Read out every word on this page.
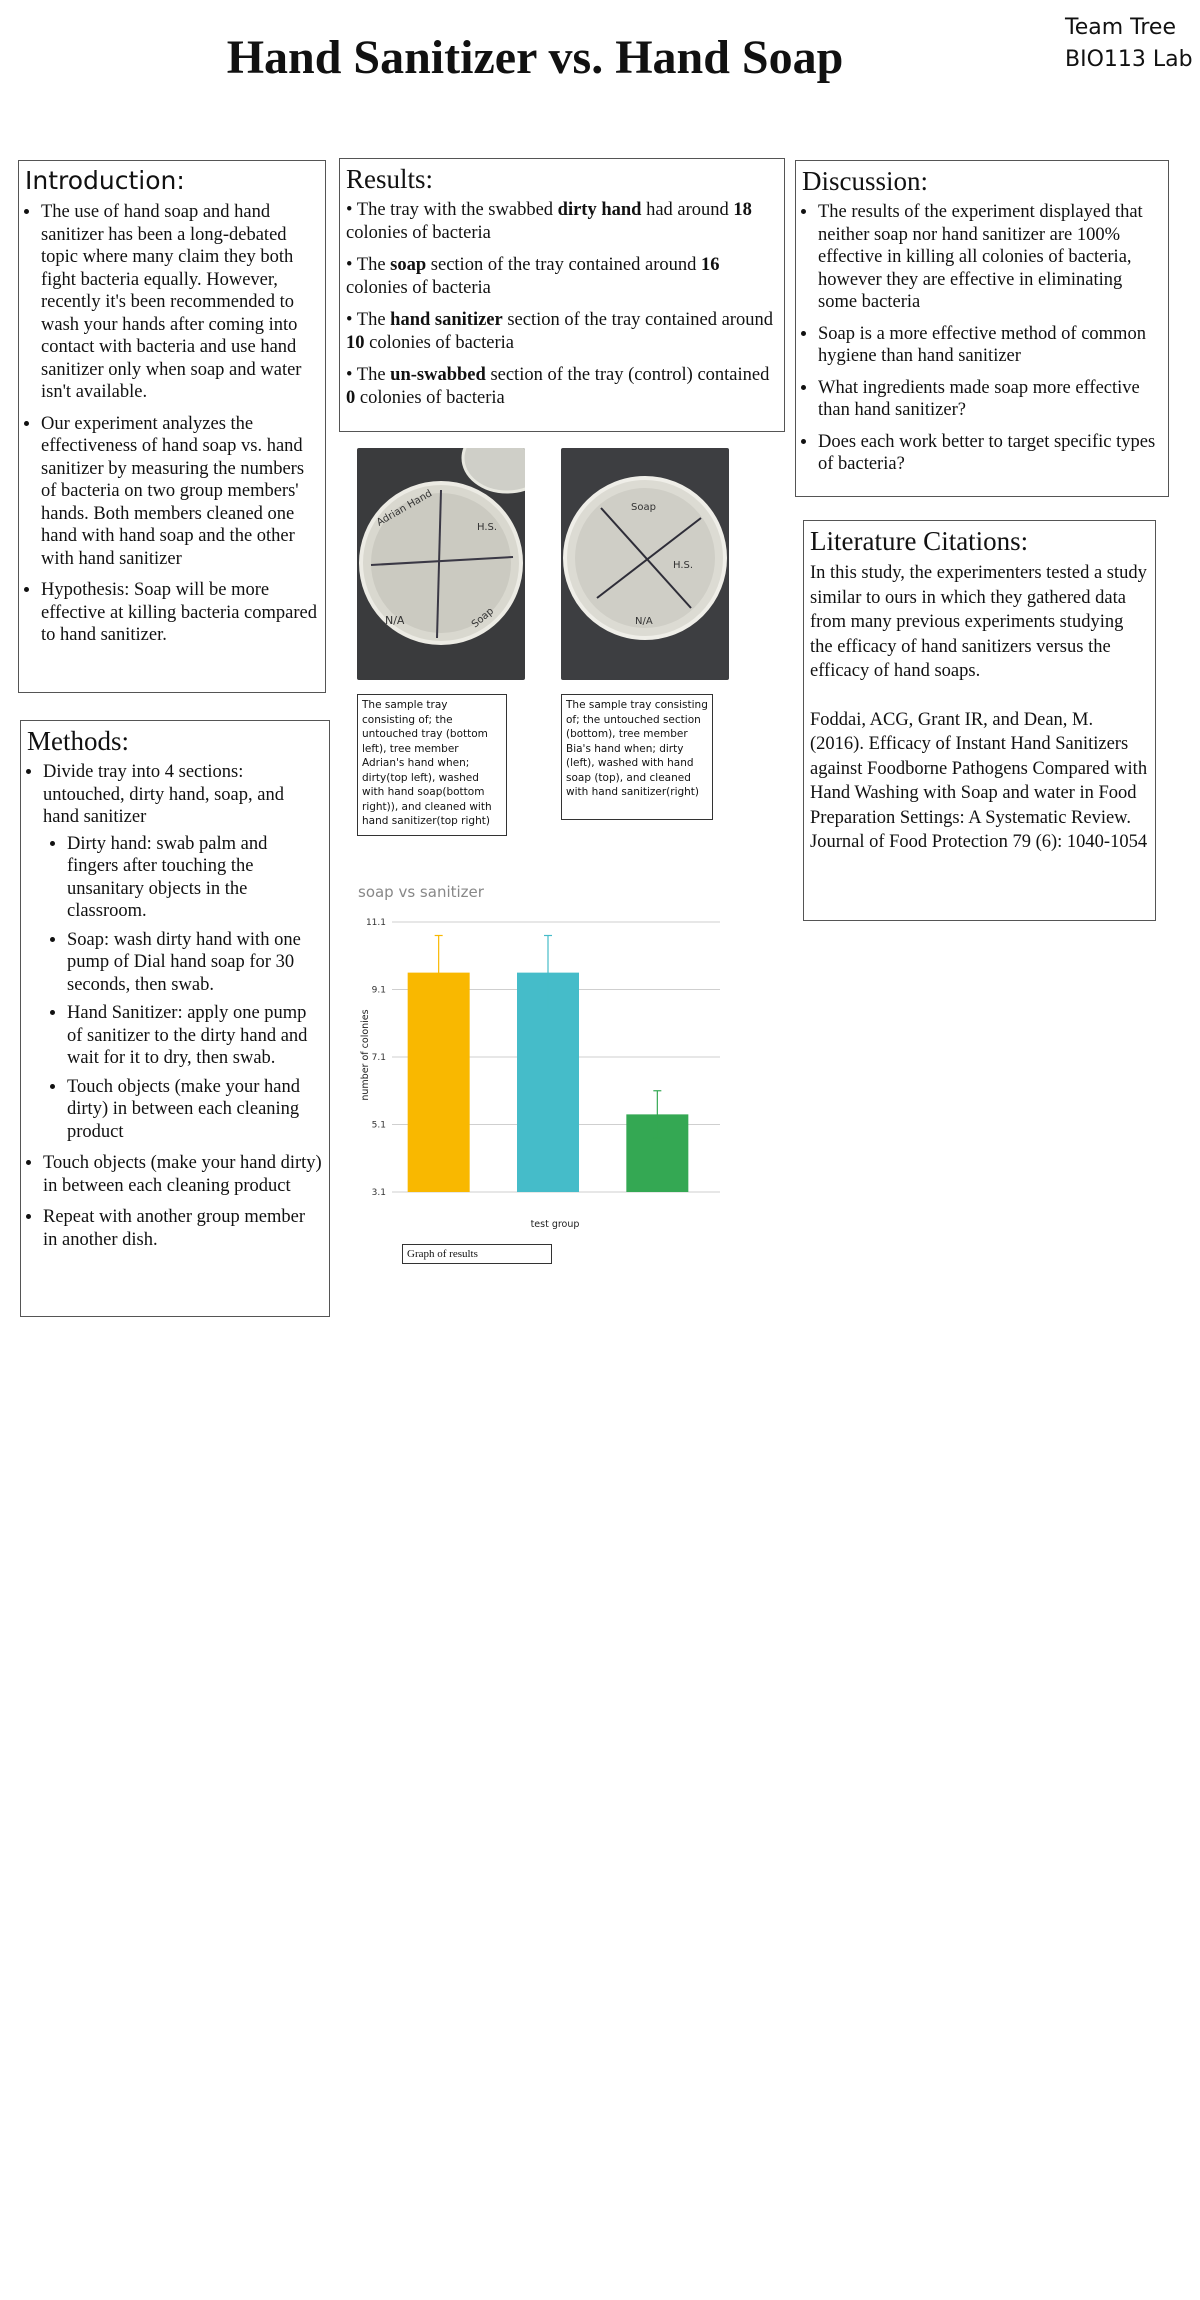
Team Tree
BIO113 Lab
Hand Sanitizer vs. Hand Soap
Introduction:
• The use of hand soap and hand sanitizer has been a long-debated topic where many claim they both fight bacteria equally. However, recently it's been recommended to wash your hands after coming into contact with bacteria and use hand sanitizer only when soap and water isn't available.
• Our experiment analyzes the effectiveness of hand soap vs. hand sanitizer by measuring the numbers of bacteria on two group members' hands. Both members cleaned one hand with hand soap and the other with hand sanitizer
• Hypothesis: Soap will be more effective at killing bacteria compared to hand sanitizer.
Methods:
• Divide tray into 4 sections: untouched, dirty hand, soap, and hand sanitizer
• Dirty hand: swab palm and fingers after touching the unsanitary objects in the classroom.
• Soap: wash dirty hand with one pump of Dial hand soap for 30 seconds, then swab.
• Hand Sanitizer: apply one pump of sanitizer to the dirty hand and wait for it to dry, then swab.
• Touch objects (make your hand dirty) in between each cleaning product
• Touch objects (make your hand dirty) in between each cleaning product
• Repeat with another group member in another dish.
Results:

• The tray with the swabbed dirty hand had around 18 colonies of bacteria

• The soap section of the tray contained around 16 colonies of bacteria

• The hand sanitizer section of the tray contained around 10 colonies of bacteria

• The un-swabbed section of the tray (control) contained 0 colonies of bacteria

Adrian Hand	H.S.
N/A	Soap
H.S.
Soap
N/A
The sample tray consisting of; the untouched tray (bottom left), tree member Adrian's hand when; dirty(top left), washed with hand soap(bottom right)), and cleaned with hand sanitizer(top right)
The sample tray consisting of; the untouched section (bottom), tree member Bia's hand when; dirty (left), washed with hand soap (top), and cleaned with hand sanitizer(right)
soap vs sanitizer
number of colonies
test group
3.1
5.1
7.1
9.1
11.1
Graph of results
Discussion:
• The results of the experiment displayed that neither soap nor hand sanitizer are 100% effective in killing all colonies of bacteria, however they are effective in eliminating some bacteria
• Soap is a more effective method of common hygiene than hand sanitizer
• What ingredients made soap more effective than hand sanitizer?
• Does each work better to target specific types of bacteria?
Literature Citations:

In this study, the experimenters tested a study similar to ours in which they gathered data from many previous experiments studying the efficacy of hand sanitizers versus the efficacy of hand soaps.

Foddai, ACG, Grant IR, and Dean, M. (2016). Efficacy of Instant Hand Sanitizers against Foodborne Pathogens Compared with Hand Washing with Soap and water in Food Preparation Settings: A Systematic Review. Journal of Food Protection 79 (6): 1040-1054
